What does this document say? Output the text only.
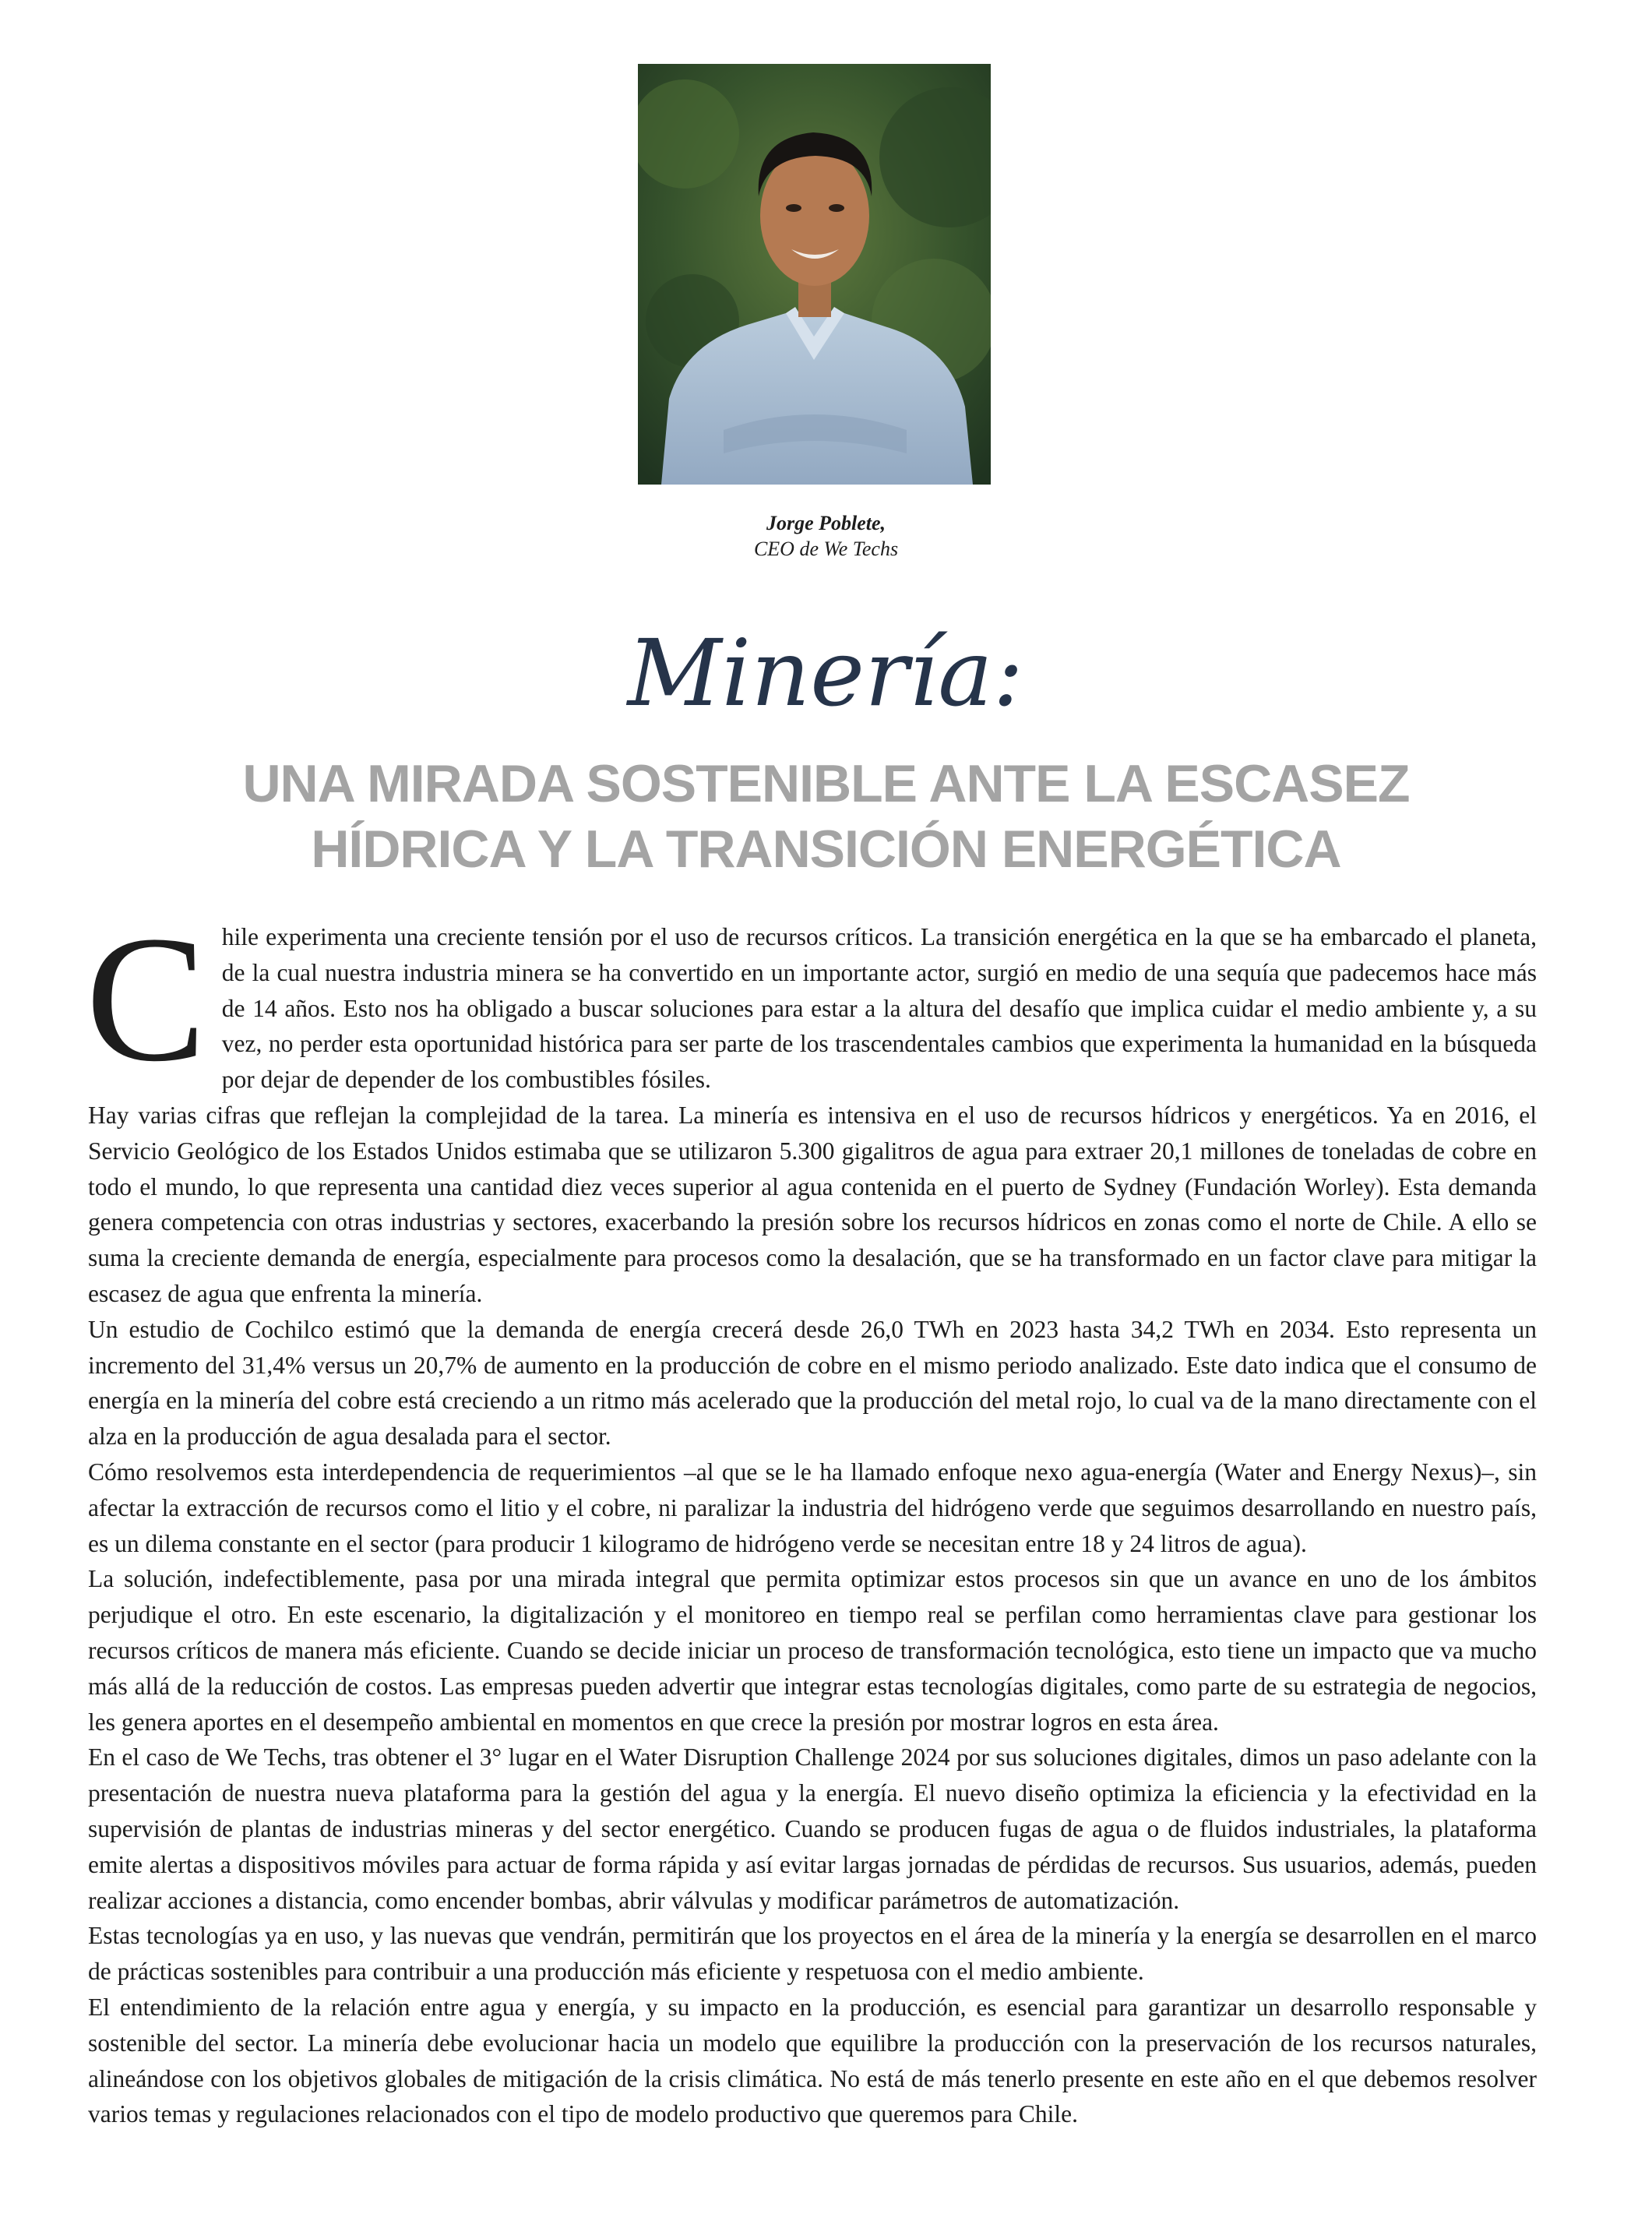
Jorge Poblete,
CEO de We Techs
Minería:
UNA MIRADA SOSTENIBLE ANTE LA ESCASEZ
HÍDRICA Y LA TRANSICIÓN ENERGÉTICA

Chile experimenta una creciente tensión por el uso de recursos críticos. La transición energética en la que se ha embarcado el planeta, de la cual nuestra industria minera se ha convertido en un importante actor, surgió en medio de una sequía que padecemos hace más de 14 años. Esto nos ha obligado a buscar soluciones para estar a la altura del desafío que implica cuidar el medio ambiente y, a su vez, no perder esta oportunidad histórica para ser parte de los trascendentales cambios que experimenta la humanidad en la búsqueda por dejar de depender de los combustibles fósiles.

Hay varias cifras que reflejan la complejidad de la tarea. La minería es intensiva en el uso de recursos hídricos y energéticos. Ya en 2016, el Servicio Geológico de los Estados Unidos estimaba que se utilizaron 5.300 gigalitros de agua para extraer 20,1 millones de toneladas de cobre en todo el mundo, lo que representa una cantidad diez veces superior al agua contenida en el puerto de Sydney (Fundación Worley). Esta demanda genera competencia con otras industrias y sectores, exacerbando la presión sobre los recursos hídricos en zonas como el norte de Chile. A ello se suma la creciente demanda de energía, especialmente para procesos como la desalación, que se ha transformado en un factor clave para mitigar la escasez de agua que enfrenta la minería.

Un estudio de Cochilco estimó que la demanda de energía crecerá desde 26,0 TWh en 2023 hasta 34,2 TWh en 2034. Esto representa un incremento del 31,4% versus un 20,7% de aumento en la producción de cobre en el mismo periodo analizado. Este dato indica que el consumo de energía en la minería del cobre está creciendo a un ritmo más acelerado que la producción del metal rojo, lo cual va de la mano directamente con el alza en la producción de agua desalada para el sector.

Cómo resolvemos esta interdependencia de requerimientos –al que se le ha llamado enfoque nexo agua-energía (Water and Energy Nexus)–, sin afectar la extracción de recursos como el litio y el cobre, ni paralizar la industria del hidrógeno verde que seguimos desarrollando en nuestro país, es un dilema constante en el sector (para producir 1 kilogramo de hidrógeno verde se necesitan entre 18 y 24 litros de agua).

La solución, indefectiblemente, pasa por una mirada integral que permita optimizar estos procesos sin que un avance en uno de los ámbitos perjudique el otro. En este escenario, la digitalización y el monitoreo en tiempo real se perfilan como herramientas clave para gestionar los recursos críticos de manera más eficiente. Cuando se decide iniciar un proceso de transformación tecnológica, esto tiene un impacto que va mucho más allá de la reducción de costos. Las empresas pueden advertir que integrar estas tecnologías digitales, como parte de su estrategia de negocios, les genera aportes en el desempeño ambiental en momentos en que crece la presión por mostrar logros en esta área.

En el caso de We Techs, tras obtener el 3° lugar en el Water Disruption Challenge 2024 por sus soluciones digitales, dimos un paso adelante con la presentación de nuestra nueva plataforma para la gestión del agua y la energía. El nuevo diseño optimiza la eficiencia y la efectividad en la supervisión de plantas de industrias mineras y del sector energético. Cuando se producen fugas de agua o de fluidos industriales, la plataforma emite alertas a dispositivos móviles para actuar de forma rápida y así evitar largas jornadas de pérdidas de recursos. Sus usuarios, además, pueden realizar acciones a distancia, como encender bombas, abrir válvulas y modificar parámetros de automatización.

Estas tecnologías ya en uso, y las nuevas que vendrán, permitirán que los proyectos en el área de la minería y la energía se desarrollen en el marco de prácticas sostenibles para contribuir a una producción más eficiente y respetuosa con el medio ambiente.

El entendimiento de la relación entre agua y energía, y su impacto en la producción, es esencial para garantizar un desarrollo responsable y sostenible del sector. La minería debe evolucionar hacia un modelo que equilibre la producción con la preservación de los recursos naturales, alineándose con los objetivos globales de mitigación de la crisis climática. No está de más tenerlo presente en este año en el que debemos resolver varios temas y regulaciones relacionados con el tipo de modelo productivo que queremos para Chile.
